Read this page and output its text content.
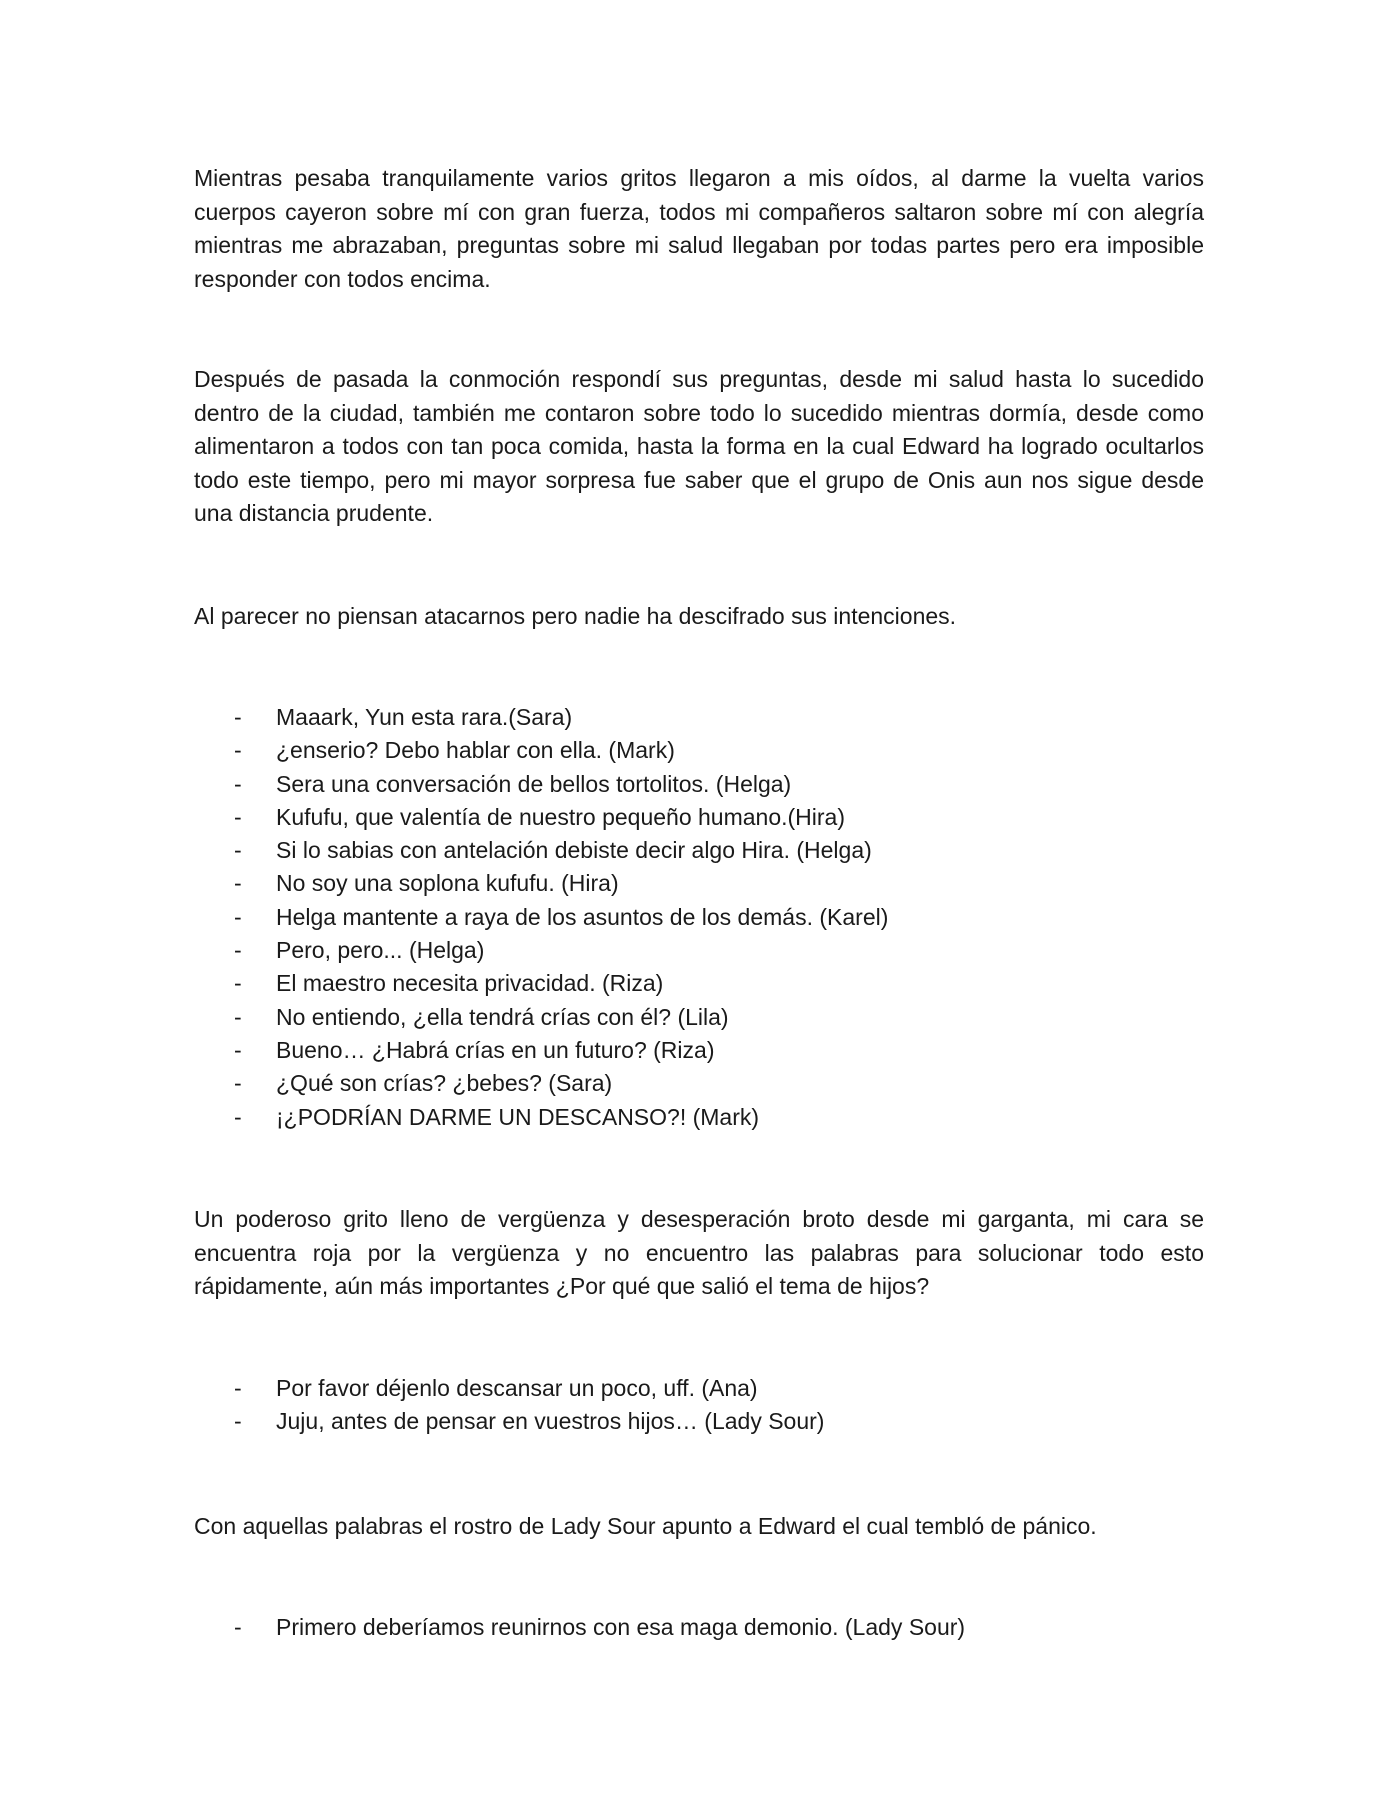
Mientras pesaba tranquilamente varios gritos llegaron a mis oídos, al darme la vuelta varios cuerpos cayeron sobre mí con gran fuerza, todos mi compañeros saltaron sobre mí con alegría mientras me abrazaban, preguntas sobre mi salud llegaban por todas partes pero era imposible responder con todos encima.

Después de pasada la conmoción respondí sus preguntas, desde mi salud hasta lo sucedido dentro de la ciudad, también me contaron sobre todo lo sucedido mientras dormía, desde como alimentaron a todos con tan poca comida, hasta la forma en la cual Edward ha logrado ocultarlos todo este tiempo, pero mi mayor sorpresa fue saber que el grupo de Onis aun nos sigue desde una distancia prudente.

Al parecer no piensan atacarnos pero nadie ha descifrado sus intenciones.

- Maaark, Yun esta rara.(Sara)
- ¿enserio? Debo hablar con ella. (Mark)
- Sera una conversación de bellos tortolitos. (Helga)
- Kufufu, que valentía de nuestro pequeño humano.(Hira)
- Si lo sabias con antelación debiste decir algo Hira. (Helga)
- No soy una soplona kufufu. (Hira)
- Helga mantente a raya de los asuntos de los demás. (Karel)
- Pero, pero... (Helga)
- El maestro necesita privacidad. (Riza)
- No entiendo, ¿ella tendrá crías con él? (Lila)
- Bueno… ¿Habrá crías en un futuro? (Riza)
- ¿Qué son crías? ¿bebes? (Sara)
- ¡¿PODRÍAN DARME UN DESCANSO?! (Mark)

Un poderoso grito lleno de vergüenza y desesperación broto desde mi garganta, mi cara se encuentra roja por la vergüenza y no encuentro las palabras para solucionar todo esto rápidamente, aún más importantes ¿Por qué que salió el tema de hijos?

- Por favor déjenlo descansar un poco, uff. (Ana)
- Juju, antes de pensar en vuestros hijos… (Lady Sour)

Con aquellas palabras el rostro de Lady Sour apunto a Edward el cual tembló de pánico.

- Primero deberíamos reunirnos con esa maga demonio. (Lady Sour)
